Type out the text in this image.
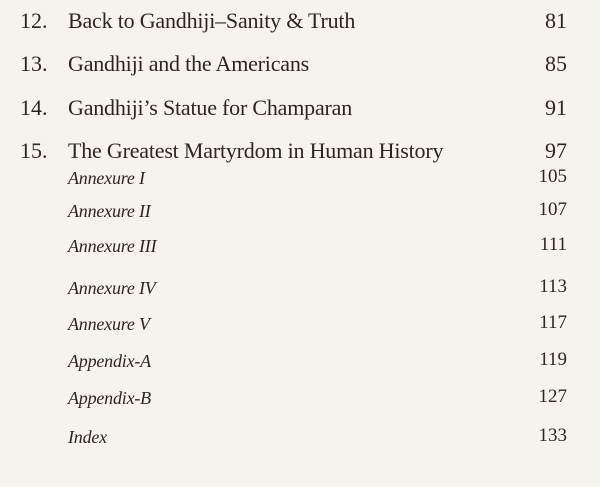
12. Back to Gandhiji–Sanity & Truth	81
13. Gandhiji and the Americans	85
14. Gandhiji’s Statue for Champaran	91
15. The Greatest Martyrdom in Human History	97
Annexure I	105
Annexure II	107
Annexure III	111
Annexure IV	113
Annexure V	117
Appendix-A	119
Appendix-B	127
Index	133
